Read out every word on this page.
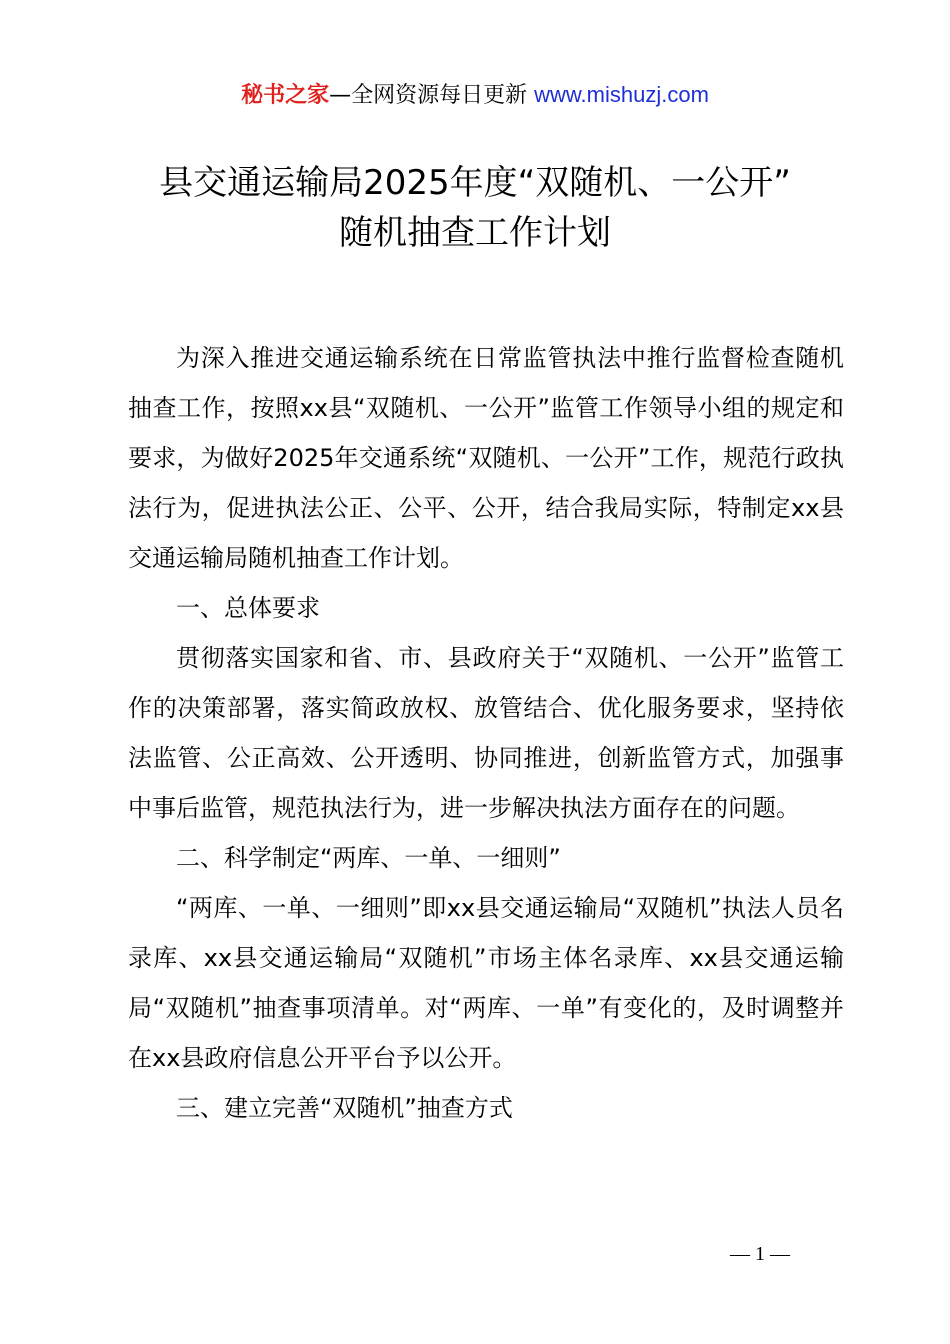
秘书之家—全网资源每日更新 www.mishuzj.com
县交通运输局2025年度“双随机、一公开”
随机抽查工作计划

为深入推进交通运输系统在日常监管执法中推行监督检查随机抽查工作，按照xx县“双随机、一公开”监管工作领导小组的规定和要求，为做好2025年交通系统“双随机、一公开”工作，规范行政执法行为，促进执法公正、公平、公开，结合我局实际，特制定xx县交通运输局随机抽查工作计划。

一、总体要求

贯彻落实国家和省、市、县政府关于“双随机、一公开”监管工作的决策部署，落实简政放权、放管结合、优化服务要求，坚持依法监管、公正高效、公开透明、协同推进，创新监管方式，加强事中事后监管，规范执法行为，进一步解决执法方面存在的问题。

二、科学制定“两库、一单、一细则”

“两库、一单、一细则”即xx县交通运输局“双随机”执法人员名录库、xx县交通运输局“双随机”市场主体名录库、xx县交通运输局“双随机”抽查事项清单。对“两库、一单”有变化的，及时调整并在xx县政府信息公开平台予以公开。

三、建立完善“双随机”抽查方式

— 1 —
